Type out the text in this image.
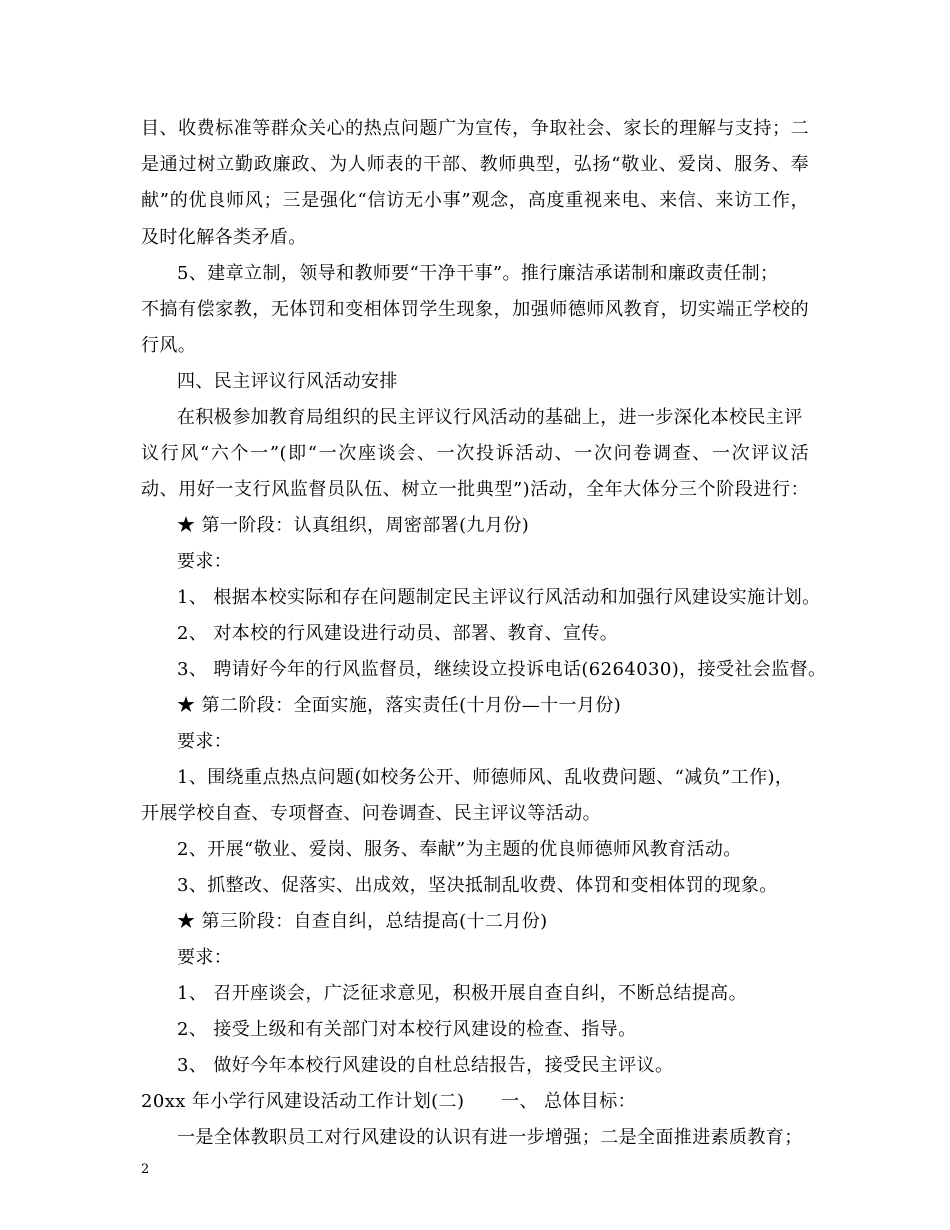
目、收费标准等群众关心的热点问题广为宣传，争取社会、家长的理解与支持；二
是通过树立勤政廉政、为人师表的干部、教师典型，弘扬“敬业、爱岗、服务、奉
献”的优良师风；三是强化“信访无小事”观念，高度重视来电、来信、来访工作，
及时化解各类矛盾。
5、建章立制，领导和教师要“干净干事”。推行廉洁承诺制和廉政责任制；
不搞有偿家教，无体罚和变相体罚学生现象，加强师德师风教育，切实端正学校的
行风。
四、民主评议行风活动安排
在积极参加教育局组织的民主评议行风活动的基础上，进一步深化本校民主评
议行风“六个一”(即“一次座谈会、一次投诉活动、一次问卷调查、一次评议活
动、用好一支行风监督员队伍、树立一批典型”)活动，全年大体分三个阶段进行：
★ 第一阶段：认真组织，周密部署(九月份)
要求：
1、 根据本校实际和存在问题制定民主评议行风活动和加强行风建设实施计划。
2、 对本校的行风建设进行动员、部署、教育、宣传。
3、 聘请好今年的行风监督员，继续设立投诉电话(6264030)，接受社会监督。
★ 第二阶段：全面实施，落实责任(十月份—十一月份)
要求：
1、围绕重点热点问题(如校务公开、师德师风、乱收费问题、“减负”工作)，
开展学校自查、专项督查、问卷调查、民主评议等活动。
2、开展“敬业、爱岗、服务、奉献”为主题的优良师德师风教育活动。
3、抓整改、促落实、出成效，坚决抵制乱收费、体罚和变相体罚的现象。
★ 第三阶段：自查自纠，总结提高(十二月份)
要求：
1、 召开座谈会，广泛征求意见，积极开展自查自纠，不断总结提高。
2、 接受上级和有关部门对本校行风建设的检查、指导。
3、 做好今年本校行风建设的自杜总结报告，接受民主评议。
20xx 年小学行风建设活动工作计划(二)      一、 总体目标：
一是全体教职员工对行风建设的认识有进一步增强；二是全面推进素质教育；
2
